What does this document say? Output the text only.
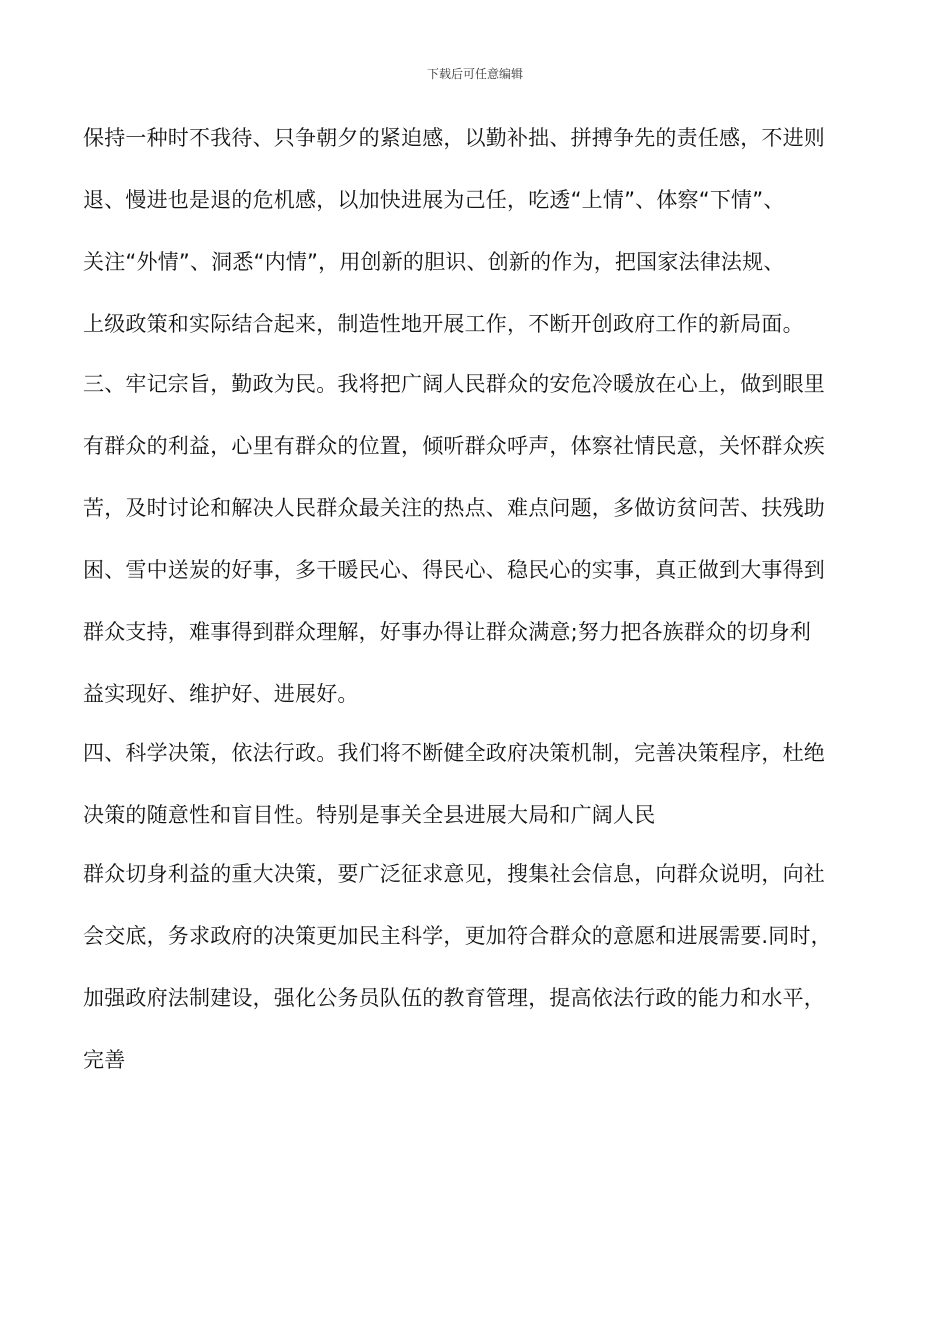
下载后可任意编辑
保持一种时不我待、只争朝夕的紧迫感，以勤补拙、拼搏争先的责任感，不进则
退、慢进也是退的危机感，以加快进展为己任，吃透“上情”、体察“下情”、
关注“外情”、洞悉“内情”，用创新的胆识、创新的作为，把国家法律法规、
上级政策和实际结合起来，制造性地开展工作，不断开创政府工作的新局面。
三、牢记宗旨，勤政为民。我将把广阔人民群众的安危冷暖放在心上，做到眼里
有群众的利益，心里有群众的位置，倾听群众呼声，体察社情民意，关怀群众疾
苦，及时讨论和解决人民群众最关注的热点、难点问题，多做访贫问苦、扶残助
困、雪中送炭的好事，多干暖民心、得民心、稳民心的实事，真正做到大事得到
群众支持，难事得到群众理解，好事办得让群众满意;努力把各族群众的切身利
益实现好、维护好、进展好。
四、科学决策，依法行政。我们将不断健全政府决策机制，完善决策程序，杜绝
决策的随意性和盲目性。特别是事关全县进展大局和广阔人民
群众切身利益的重大决策，要广泛征求意见，搜集社会信息，向群众说明，向社
会交底，务求政府的决策更加民主科学，更加符合群众的意愿和进展需要.同时，
加强政府法制建设，强化公务员队伍的教育管理，提高依法行政的能力和水平，
完善
